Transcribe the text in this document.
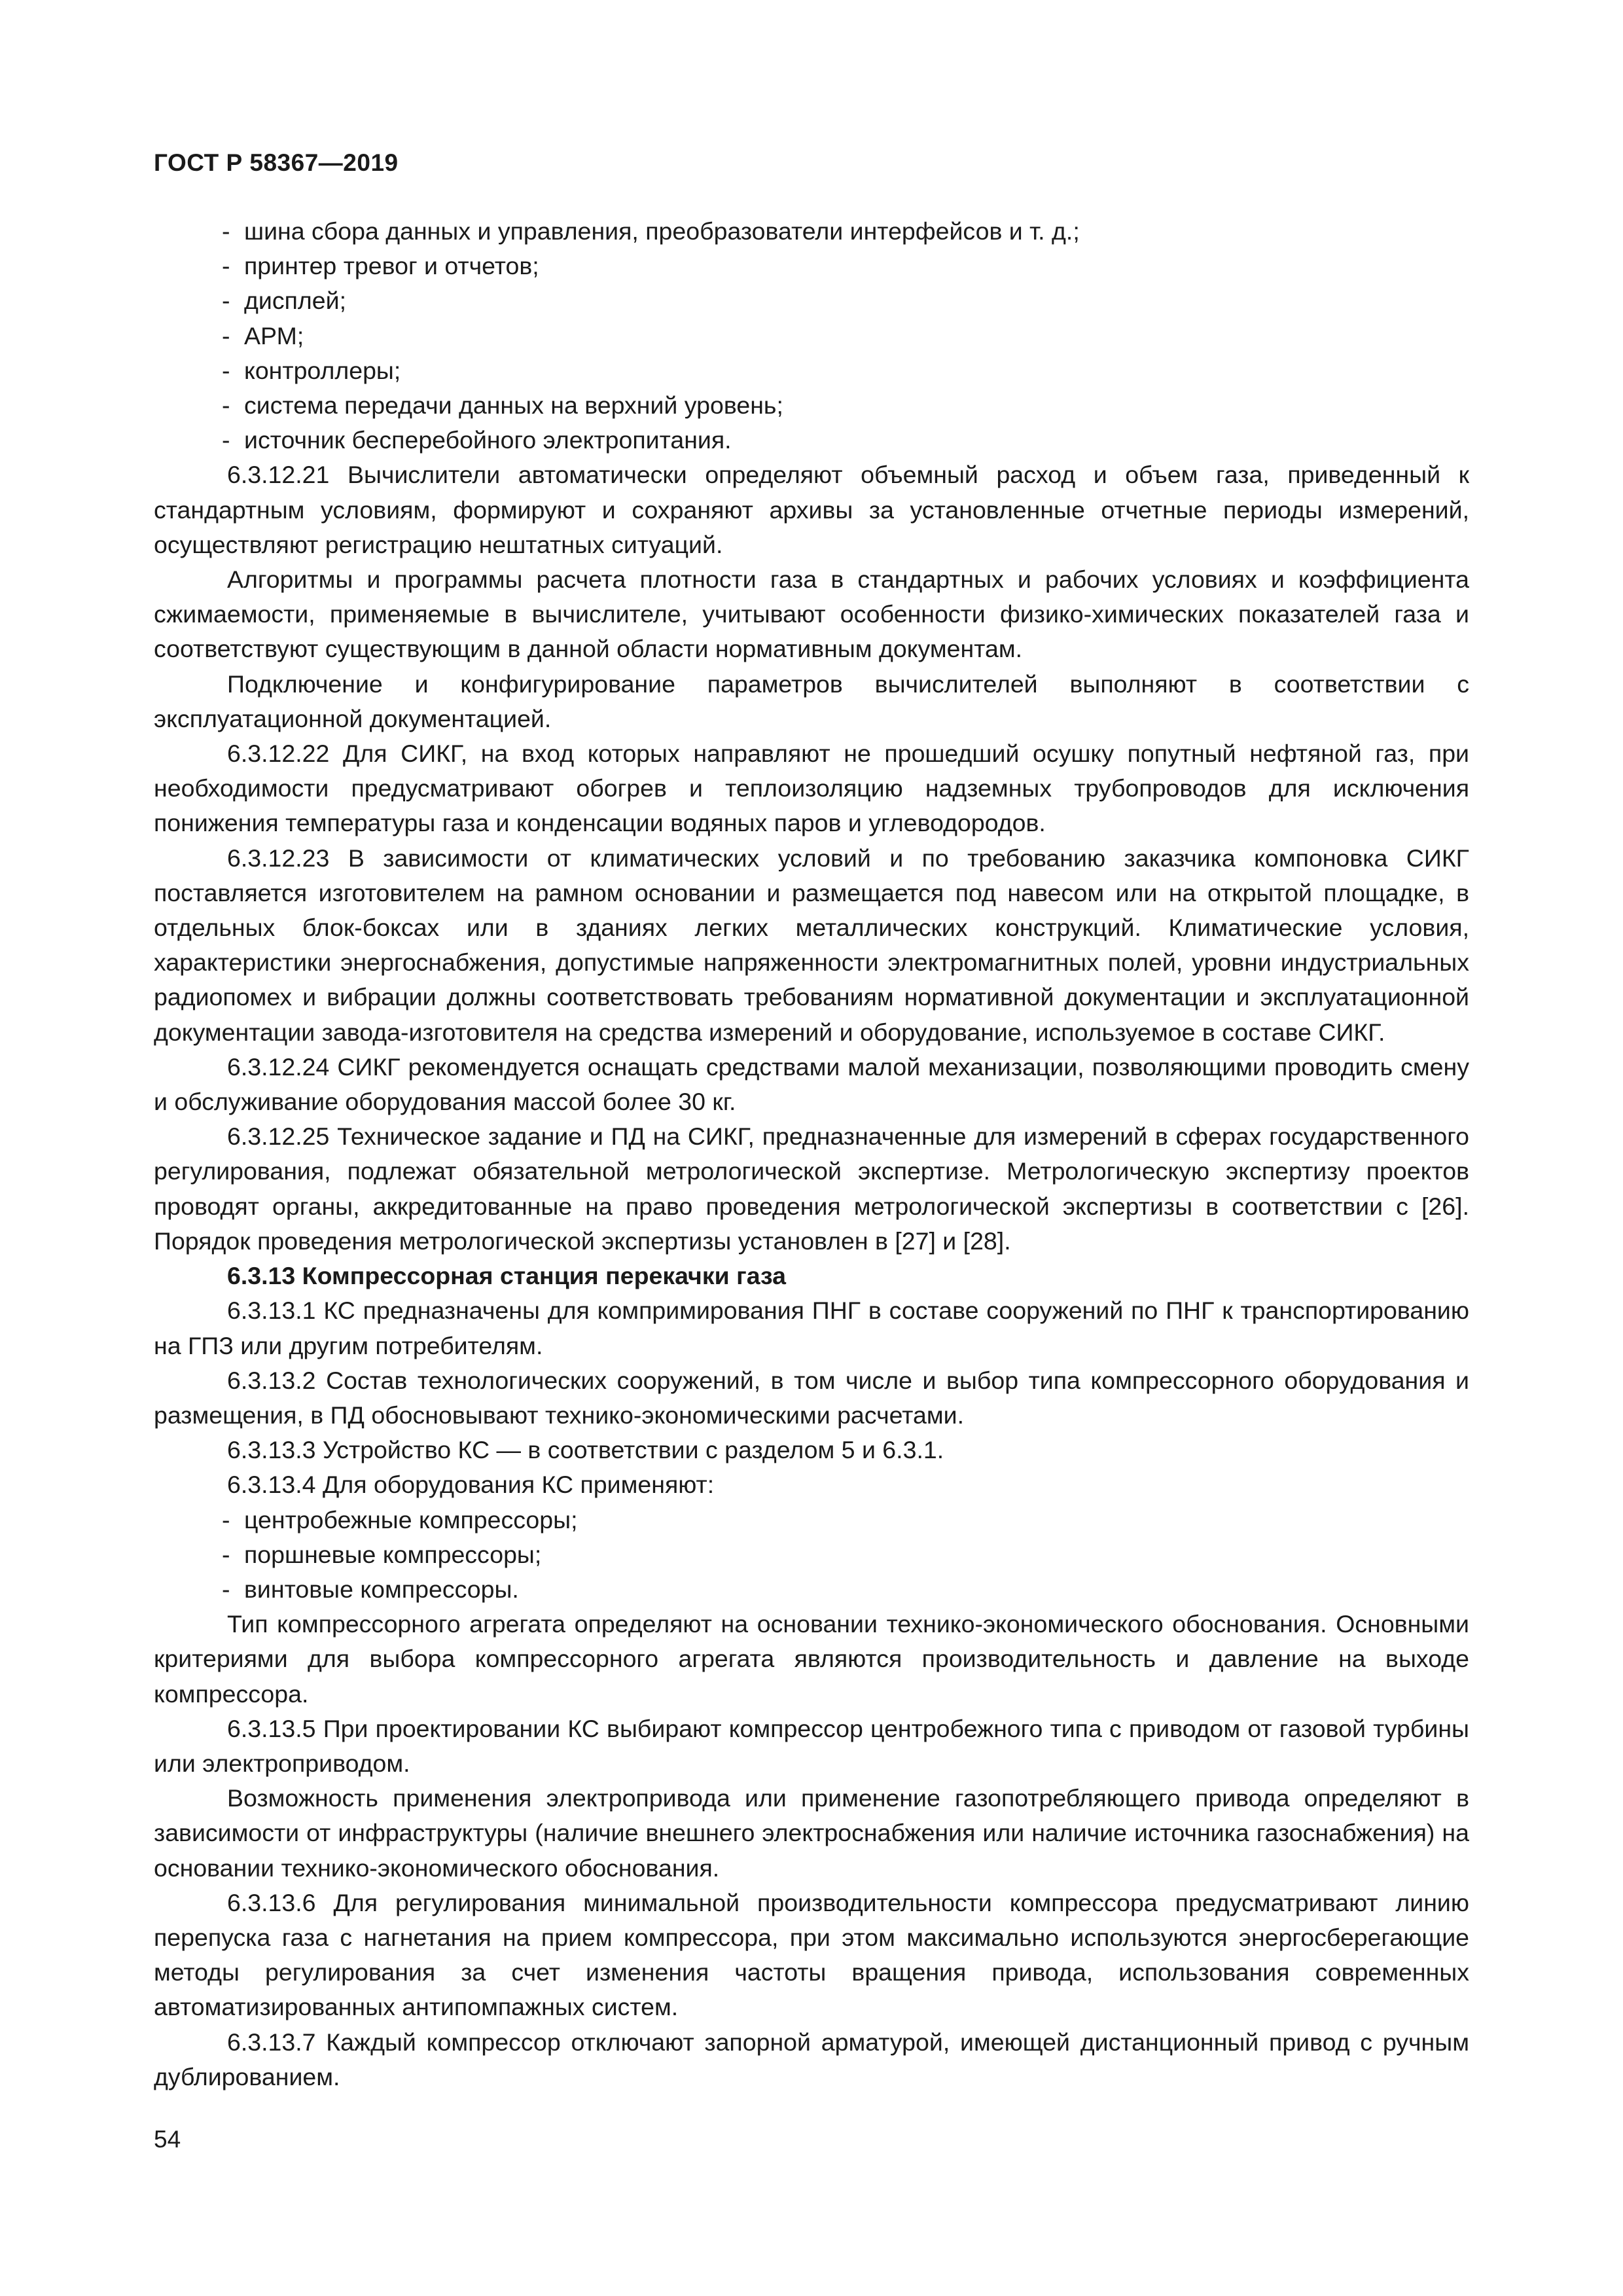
ГОСТ Р 58367—2019

- шина сбора данных и управления, преобразователи интерфейсов и т. д.;

- принтер тревог и отчетов;

- дисплей;

- АРМ;

- контроллеры;

- система передачи данных на верхний уровень;

- источник бесперебойного электропитания.

6.3.12.21 Вычислители автоматически определяют объемный расход и объем газа, приведенный к стандартным условиям, формируют и сохраняют архивы за установленные отчетные периоды измерений, осуществляют регистрацию нештатных ситуаций.

Алгоритмы и программы расчета плотности газа в стандартных и рабочих условиях и коэффициента сжимаемости, применяемые в вычислителе, учитывают особенности физико-химических показателей газа и соответствуют существующим в данной области нормативным документам.

Подключение и конфигурирование параметров вычислителей выполняют в соответствии с эксплуатационной документацией.

6.3.12.22 Для СИКГ, на вход которых направляют не прошедший осушку попутный нефтяной газ, при необходимости предусматривают обогрев и теплоизоляцию надземных трубопроводов для исключения понижения температуры газа и конденсации водяных паров и углеводородов.

6.3.12.23 В зависимости от климатических условий и по требованию заказчика компоновка СИКГ поставляется изготовителем на рамном основании и размещается под навесом или на открытой площадке, в отдельных блок-боксах или в зданиях легких металлических конструкций. Климатические условия, характеристики энергоснабжения, допустимые напряженности электромагнитных полей, уровни индустриальных радиопомех и вибрации должны соответствовать требованиям нормативной документации и эксплуатационной документации завода-изготовителя на средства измерений и оборудование, используемое в составе СИКГ.

6.3.12.24 СИКГ рекомендуется оснащать средствами малой механизации, позволяющими проводить смену и обслуживание оборудования массой более 30 кг.

6.3.12.25 Техническое задание и ПД на СИКГ, предназначенные для измерений в сферах государственного регулирования, подлежат обязательной метрологической экспертизе. Метрологическую экспертизу проектов проводят органы, аккредитованные на право проведения метрологической экспертизы в соответствии с [26]. Порядок проведения метрологической экспертизы установлен в [27] и [28].

6.3.13 Компрессорная станция перекачки газа

6.3.13.1 КС предназначены для компримирования ПНГ в составе сооружений по ПНГ к транспортированию на ГПЗ или другим потребителям.

6.3.13.2 Состав технологических сооружений, в том числе и выбор типа компрессорного оборудования и размещения, в ПД обосновывают технико-экономическими расчетами.

6.3.13.3 Устройство КС — в соответствии с разделом 5 и 6.3.1.

6.3.13.4 Для оборудования КС применяют:

- центробежные компрессоры;

- поршневые компрессоры;

- винтовые компрессоры.

Тип компрессорного агрегата определяют на основании технико-экономического обоснования. Основными критериями для выбора компрессорного агрегата являются производительность и давление на выходе компрессора.

6.3.13.5 При проектировании КС выбирают компрессор центробежного типа с приводом от газовой турбины или электроприводом.

Возможность применения электропривода или применение газопотребляющего привода определяют в зависимости от инфраструктуры (наличие внешнего электроснабжения или наличие источника газоснабжения) на основании технико-экономического обоснования.

6.3.13.6 Для регулирования минимальной производительности компрессора предусматривают линию перепуска газа с нагнетания на прием компрессора, при этом максимально используются энергосберегающие методы регулирования за счет изменения частоты вращения привода, использования современных автоматизированных антипомпажных систем.

6.3.13.7 Каждый компрессор отключают запорной арматурой, имеющей дистанционный привод с ручным дублированием.

54
